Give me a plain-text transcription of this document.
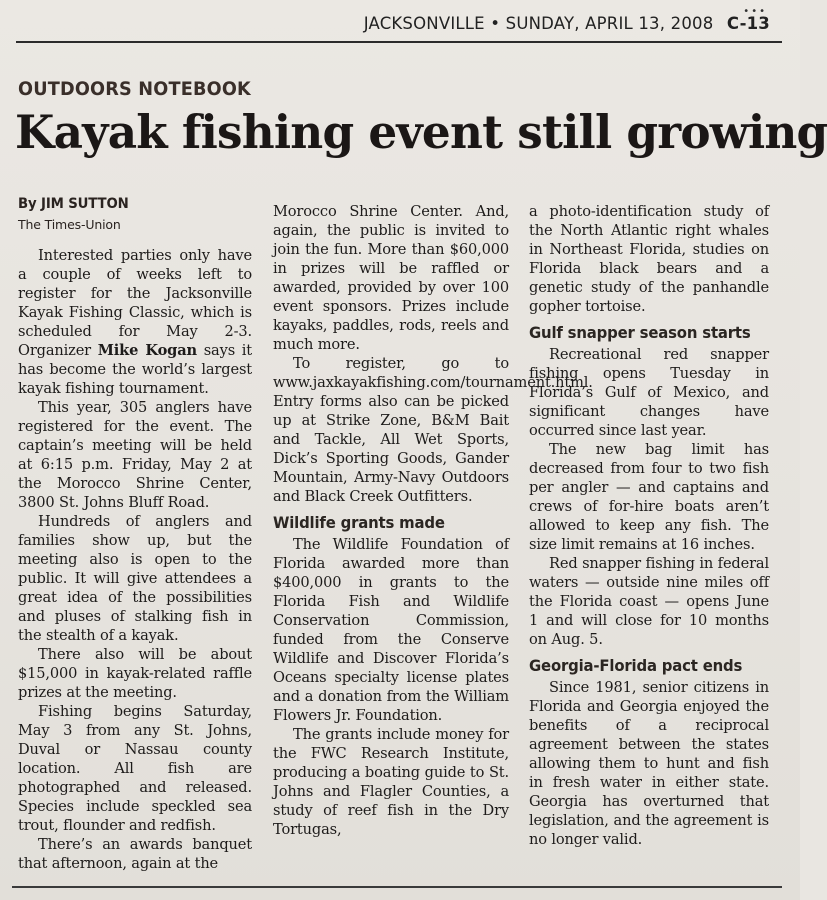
•••
JACKSONVILLE • SUNDAY, APRIL 13, 2008 C-13
OUTDOORS NOTEBOOK
Kayak fishing event still growing
By JIM SUTTON
The Times-Union

Interested parties only have a couple of weeks left to register for the Jacksonville Kayak Fishing Classic, which is scheduled for May 2-3. Organizer Mike Kogan says it has become the world’s largest kayak fishing tournament.

This year, 305 anglers have registered for the event. The captain’s meeting will be held at 6:15 p.m. Friday, May 2 at the Morocco Shrine Center, 3800 St. Johns Bluff Road.

Hundreds of anglers and families show up, but the meeting also is open to the public. It will give attendees a great idea of the possibilities and pluses of stalking fish in the stealth of a kayak.

There also will be about $15,000 in kayak-related raffle prizes at the meeting.

Fishing begins Saturday, May 3 from any St. Johns, Duval or Nassau county location. All fish are photographed and released. Species include speckled sea trout, flounder and redfish.

There’s an awards banquet that afternoon, again at the

Morocco Shrine Center. And, again, the public is invited to join the fun. More than $60,000 in prizes will be raffled or awarded, provided by over 100 event sponsors. Prizes include kayaks, paddles, rods, reels and much more.

To register, go to www.jaxkayakfishing.com/tournament.html. Entry forms also can be picked up at Strike Zone, B&M Bait and Tackle, All Wet Sports, Dick’s Sporting Goods, Gander Mountain, Army-Navy Outdoors and Black Creek Outfitters.

Wildlife grants made

The Wildlife Foundation of Florida awarded more than $400,000 in grants to the Florida Fish and Wildlife Conservation Commission, funded from the Conserve Wildlife and Discover Florida’s Oceans specialty license plates and a donation from the William Flowers Jr. Foundation.

The grants include money for the FWC Research Institute, producing a boating guide to St. Johns and Flagler Counties, a study of reef fish in the Dry Tortugas,

a photo-identification study of the North Atlantic right whales in Northeast Florida, studies on Florida black bears and a genetic study of the panhandle gopher tortoise.

Gulf snapper season starts

Recreational red snapper fishing opens Tuesday in Florida’s Gulf of Mexico, and significant changes have occurred since last year.

The new bag limit has decreased from four to two fish per angler — and captains and crews of for-hire boats aren’t allowed to keep any fish. The size limit remains at 16 inches.

Red snapper fishing in federal waters — outside nine miles off the Florida coast — opens June 1 and will close for 10 months on Aug. 5.

Georgia-Florida pact ends

Since 1981, senior citizens in Florida and Georgia enjoyed the benefits of a reciprocal agreement between the states allowing them to hunt and fish in fresh water in either state. Georgia has overturned that legislation, and the agreement is no longer valid.
